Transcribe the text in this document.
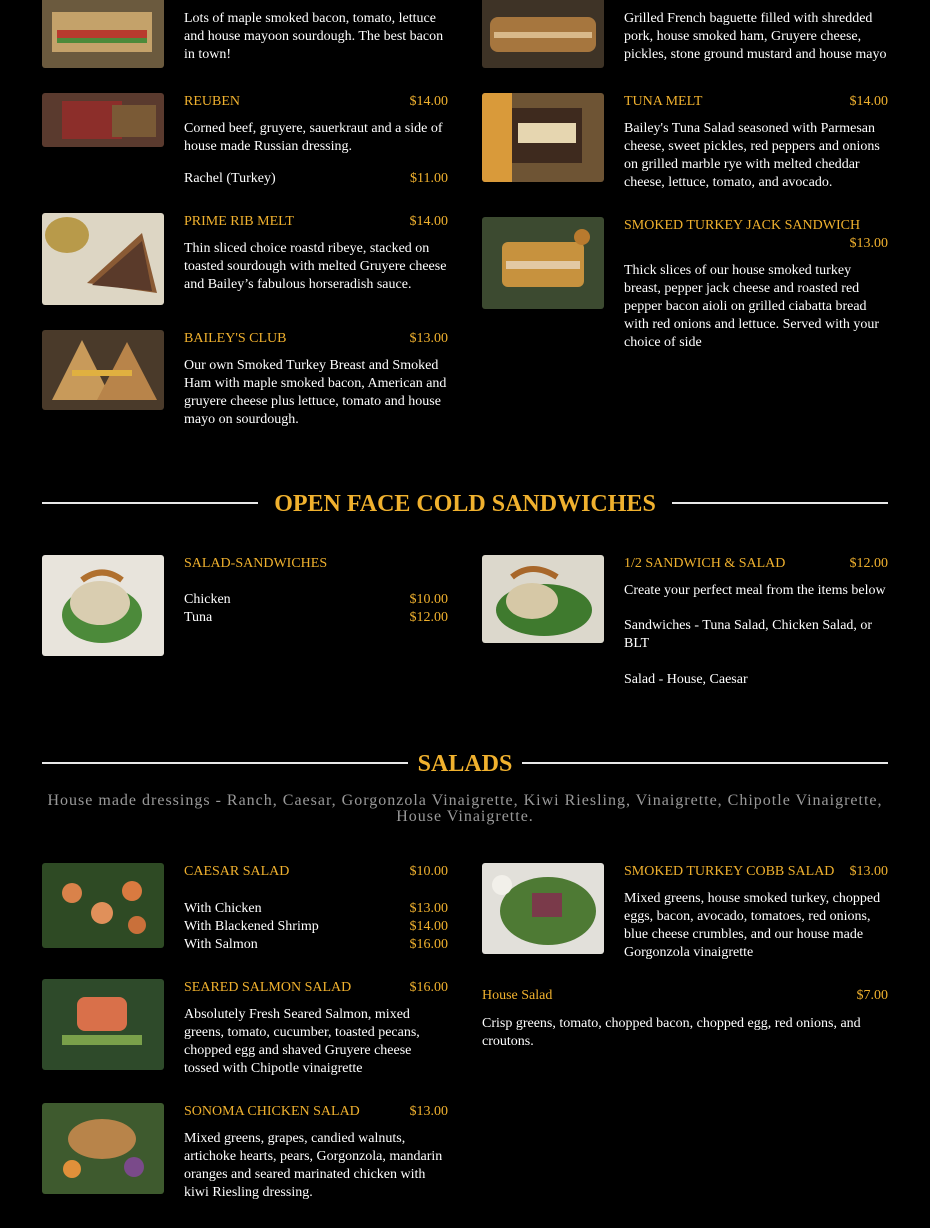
Lots of maple smoked bacon, tomato, lettuce and house mayoon sourdough. The best bacon in town!
Grilled French baguette filled with shredded pork, house smoked ham, Gruyere cheese, pickles, stone ground mustard and house mayo
REUBEN	$14.00
Corned beef, gruyere, sauerkraut and a side of house made Russian dressing.
Rachel (Turkey)	$11.00
TUNA MELT	$14.00
Bailey's Tuna Salad seasoned with Parmesan cheese, sweet pickles, red peppers and onions on grilled marble rye with melted cheddar cheese, lettuce, tomato, and avocado.
PRIME RIB MELT	$14.00
Thin sliced choice roastd ribeye, stacked on toasted sourdough with melted Gruyere cheese and Bailey’s fabulous horseradish sauce.
SMOKED TURKEY JACK SANDWICH
$13.00
Thick slices of our house smoked turkey breast, pepper jack cheese and roasted red pepper bacon aioli on grilled ciabatta bread with red onions and lettuce. Served with your choice of side
BAILEY'S CLUB	$13.00
Our own Smoked Turkey Breast and Smoked Ham with maple smoked bacon, American and gruyere cheese plus lettuce, tomato and house mayo on sourdough.
OPEN FACE COLD SANDWICHES
SALAD-SANDWICHES
Chicken	$10.00
Tuna	$12.00
1/2 SANDWICH & SALAD	$12.00
Create your perfect meal from the items below
Sandwiches - Tuna Salad, Chicken Salad, or BLT
Salad - House, Caesar
SALADS
House made dressings - Ranch, Caesar, Gorgonzola Vinaigrette, Kiwi Riesling, Vinaigrette, Chipotle Vinaigrette, House Vinaigrette.
CAESAR SALAD	$10.00
With Chicken	$13.00
With Blackened Shrimp	$14.00
With Salmon	$16.00
SMOKED TURKEY COBB SALAD $13.00
Mixed greens, house smoked turkey, chopped eggs, bacon, avocado, tomatoes, red onions, blue cheese crumbles, and our house made Gorgonzola vinaigrette
SEARED SALMON SALAD	$16.00
Absolutely Fresh Seared Salmon, mixed greens, tomato, cucumber, toasted pecans, chopped egg and shaved Gruyere cheese tossed with Chipotle vinaigrette
House Salad	$7.00
Crisp greens, tomato, chopped bacon, chopped egg, red onions, and croutons.
SONOMA CHICKEN SALAD	$13.00
Mixed greens, grapes, candied walnuts, artichoke hearts, pears, Gorgonzola, mandarin oranges and seared marinated chicken with kiwi Riesling dressing.
